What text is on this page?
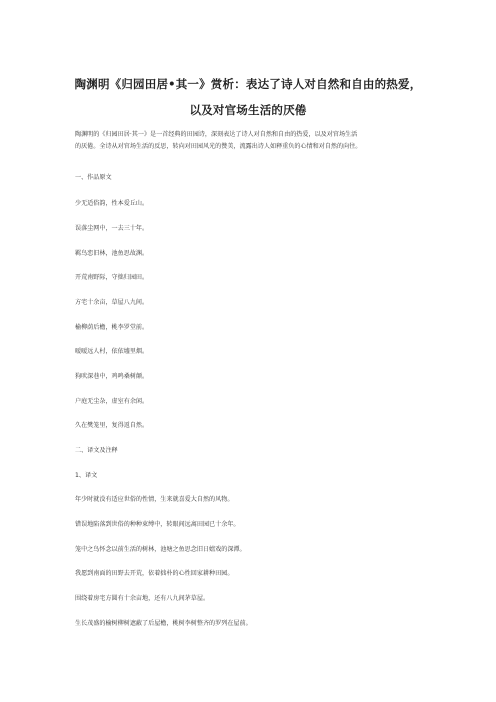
陶渊明《归园田居•其一》赏析：表达了诗人对自然和自由的热爱，
以及对官场生活的厌倦
陶渊明的《归园田居·其一》是一首经典的田园诗，深刻表达了诗人对自然和自由的热爱，以及对官场生活
的厌倦。全诗从对官场生活的反思，转向对田园风光的赞美，流露出诗人如释重负的心情和对自然的向往。
一、作品原文
少无适俗韵，性本爱丘山。
误落尘网中，一去三十年。
羁鸟恋旧林，池鱼思故渊。
开荒南野际，守拙归园田。
方宅十余亩，草屋八九间。
榆柳荫后檐，桃李罗堂前。
暧暧远人村，依依墟里烟。
狗吠深巷中，鸡鸣桑树颠。
户庭无尘杂，虚室有余闲。
久在樊笼里，复得返自然。
二、译文及注释
1、译文
年少时就没有适应世俗的性情，生来就喜爱大自然的风物。
错误地陷落到世俗的种种束缚中，转眼间远离田园已十余年。
笼中之鸟怀念以前生活的树林，池塘之鱼思念旧日嬉戏的深潭。
我愿到南面的田野去开荒，依着拙朴的心性回家耕种田园。
围绕着房宅方圆有十余亩地，还有八九间茅草屋。
生长茂盛的榆树柳树遮蔽了后屋檐，桃树李树整齐的罗列在屋前。
